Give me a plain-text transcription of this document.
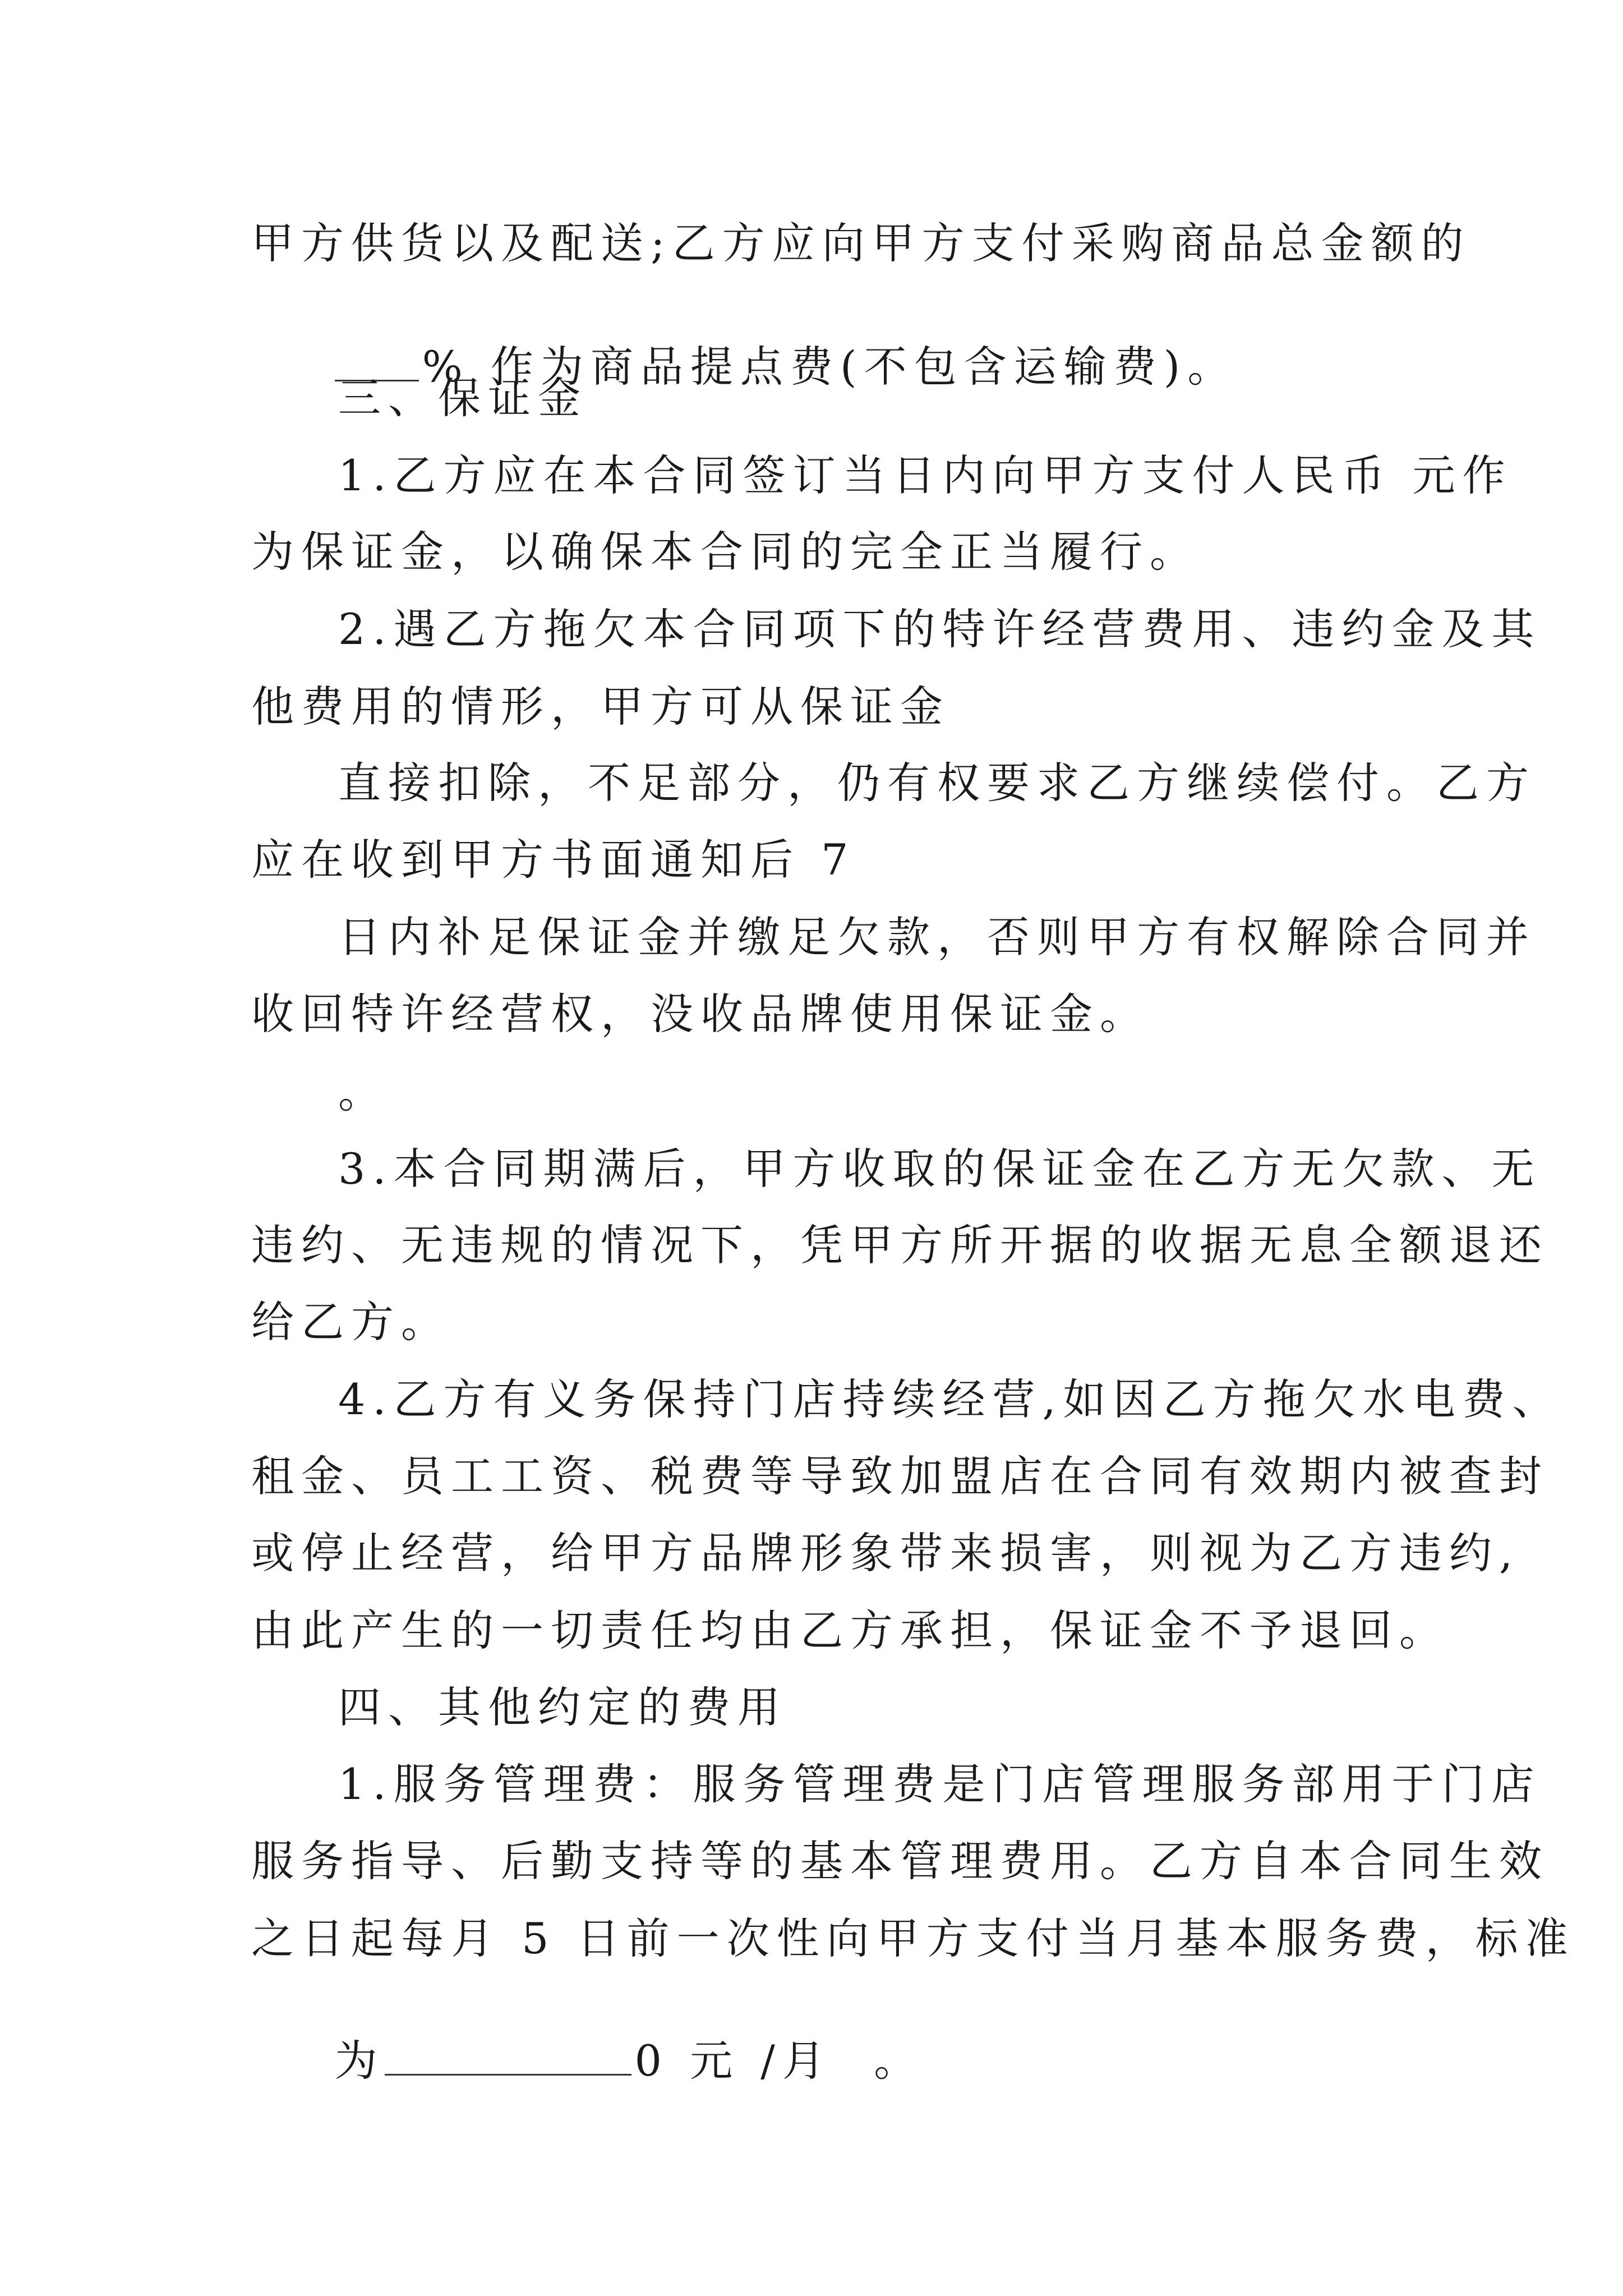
甲方供货以及配送;乙方应向甲方支付采购商品总金额的

% 作为商品提点费(不包含运输费)。

三、保证金
1.乙方应在本合同签订当日内向甲方支付人民币 元作
为保证金，以确保本合同的完全正当履行。
2.遇乙方拖欠本合同项下的特许经营费用、违约金及其
他费用的情形，甲方可从保证金
直接扣除，不足部分，仍有权要求乙方继续偿付。乙方
应在收到甲方书面通知后 7
日内补足保证金并缴足欠款，否则甲方有权解除合同并
收回特许经营权，没收品牌使用保证金。
。
3.本合同期满后，甲方收取的保证金在乙方无欠款、无
违约、无违规的情况下，凭甲方所开据的收据无息全额退还
给乙方。
4.乙方有义务保持门店持续经营,如因乙方拖欠水电费、
租金、员工工资、税费等导致加盟店在合同有效期内被查封
或停止经营，给甲方品牌形象带来损害，则视为乙方违约,
由此产生的一切责任均由乙方承担，保证金不予退回。
四、其他约定的费用
1.服务管理费：服务管理费是门店管理服务部用于门店
服务指导、后勤支持等的基本管理费用。乙方自本合同生效
之日起每月 5 日前一次性向甲方支付当月基本服务费，标准

为	0 元 /月  。
